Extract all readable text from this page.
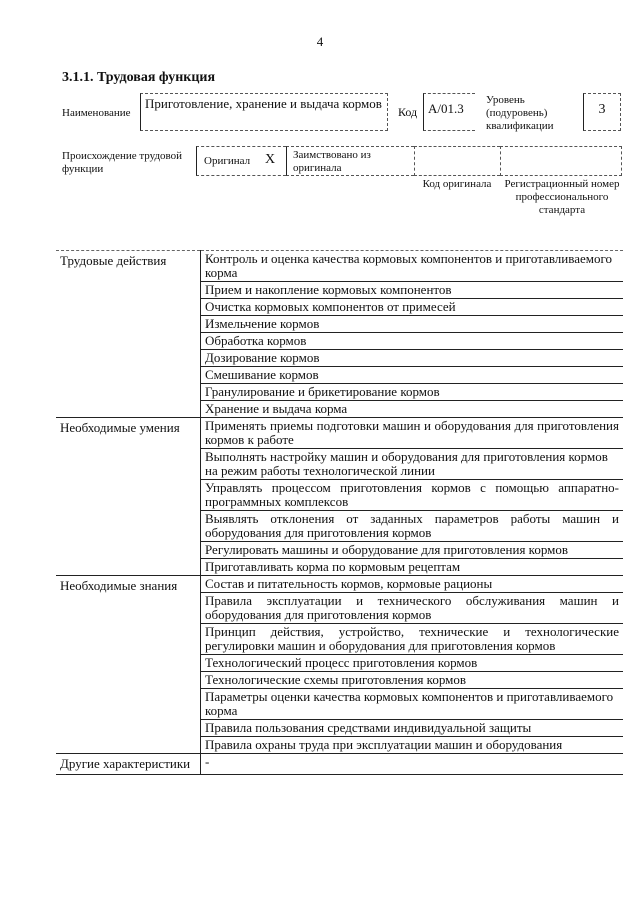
4
3.1.1. Трудовая функция
Наименование
Приготовление, хранение и выдача кормов
Код А/01.3
Уровень (подуровень) квалификации
3
Происхождение трудовой функции
Оригинал X Заимствовано из оригинала
Код оригинала	Регистрационный номер профессионального стандарта
Трудовые действия	Контроль и оценка качества кормовых компонентов и приготавливаемого корма
	Прием и накопление кормовых компонентов
	Очистка кормовых компонентов от примесей
	Измельчение кормов
	Обработка кормов
	Дозирование кормов
	Смешивание кормов
	Гранулирование и брикетирование кормов
	Хранение и выдача корма
Необходимые умения	Применять приемы подготовки машин и оборудования для приготовления кормов к работе
	Выполнять настройку машин и оборудования для приготовления кормов на режим работы технологической линии
	Управлять процессом приготовления кормов с помощью аппаратно-программных комплексов
	Выявлять отклонения от заданных параметров работы машин и оборудования для приготовления кормов
	Регулировать машины и оборудование для приготовления кормов
	Приготавливать корма по кормовым рецептам
Необходимые знания	Состав и питательность кормов, кормовые рационы
	Правила эксплуатации и технического обслуживания машин и оборудования для приготовления кормов
	Принцип действия, устройство, технические и технологические регулировки машин и оборудования для приготовления кормов
	Технологический процесс приготовления кормов
	Технологические схемы приготовления кормов
	Параметры оценки качества кормовых компонентов и приготавливаемого корма
	Правила пользования средствами индивидуальной защиты
	Правила охраны труда при эксплуатации машин и оборудования
Другие характеристики	-
